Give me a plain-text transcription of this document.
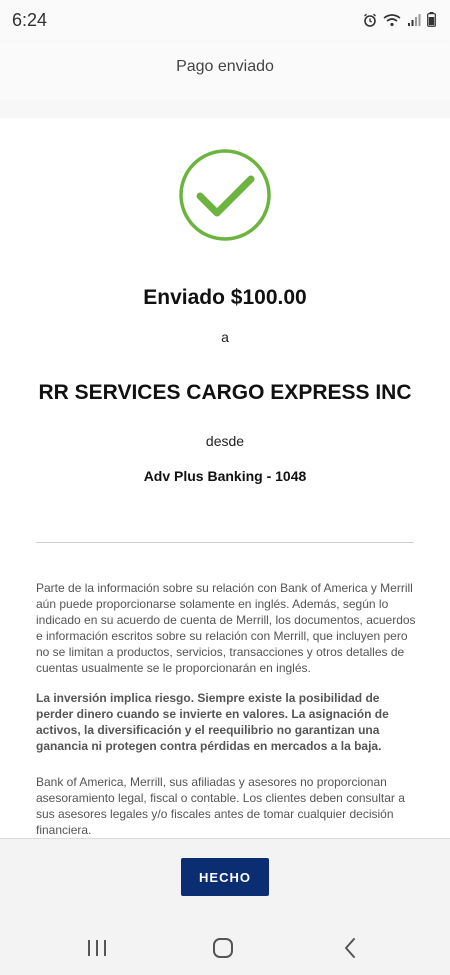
6:24
Pago enviado
Enviado $100.00
a
RR SERVICES CARGO EXPRESS INC
desde
Adv Plus Banking - 1048

Parte de la información sobre su relación con Bank of America y Merrill aún puede proporcionarse solamente en inglés. Además, según lo indicado en su acuerdo de cuenta de Merrill, los documentos, acuerdos e información escritos sobre su relación con Merrill, que incluyen pero no se limitan a productos, servicios, transacciones y otros detalles de cuentas usualmente se le proporcionarán en inglés.

La inversión implica riesgo. Siempre existe la posibilidad de perder dinero cuando se invierte en valores. La asignación de activos, la diversificación y el reequilibrio no garantizan una ganancia ni protegen contra pérdidas en mercados a la baja.

Bank of America, Merrill, sus afiliadas y asesores no proporcionan asesoramiento legal, fiscal o contable. Los clientes deben consultar a sus asesores legales y/o fiscales antes de tomar cualquier decisión financiera.

HECHO
